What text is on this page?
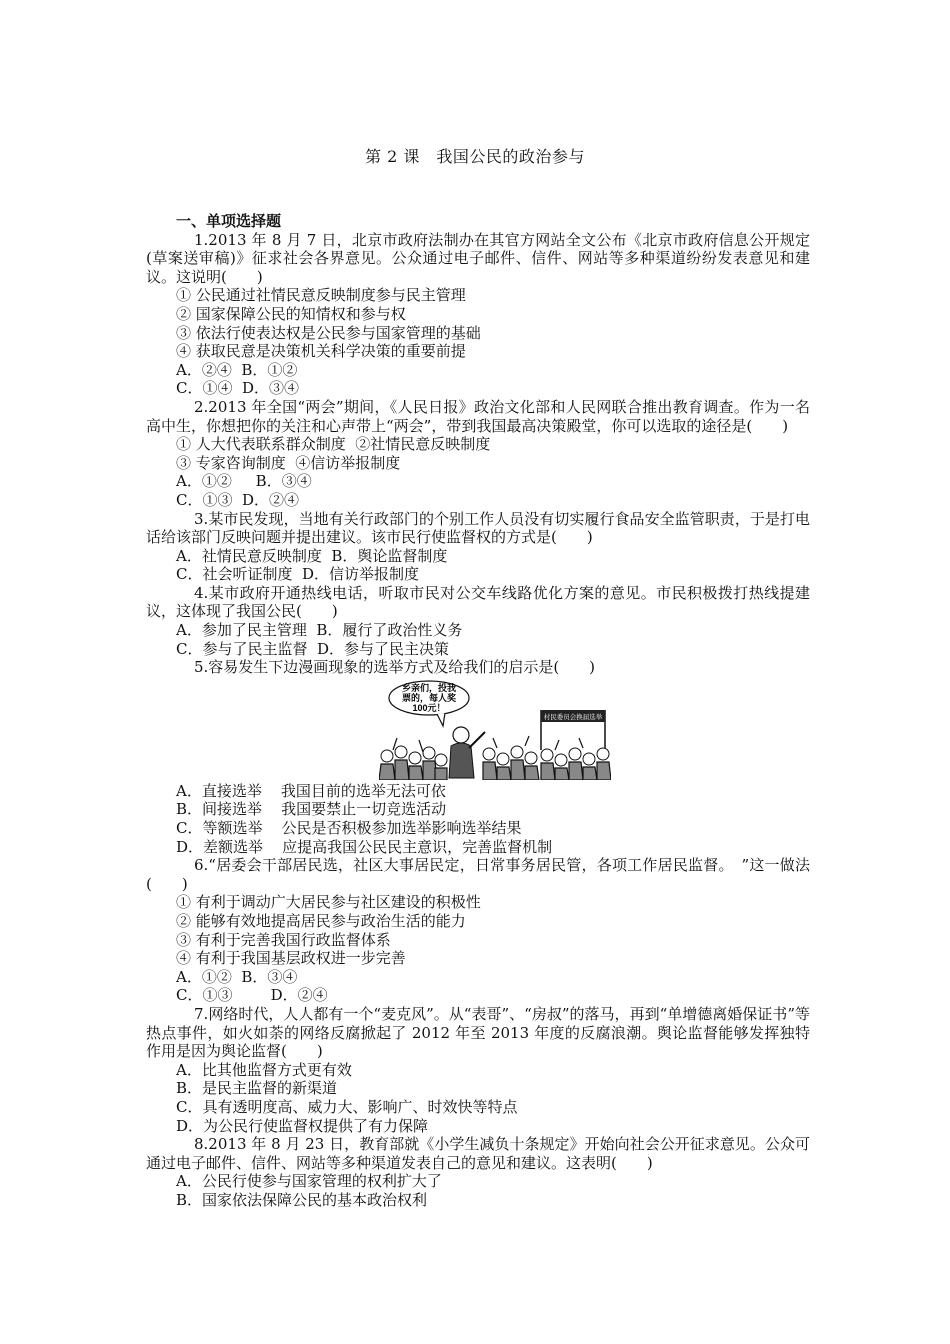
第 2 课　我国公民的政治参与
一、单项选择题
1.2013 年 8 月 7 日，北京市政府法制办在其官方网站全文公布《北京市政府信息公开规定(草案送审稿)》征求社会各界意见。公众通过电子邮件、信件、网站等多种渠道纷纷发表意见和建议。这说明(　　)
① 公民通过社情民意反映制度参与民主管理
② 国家保障公民的知情权和参与权
③ 依法行使表达权是公民参与国家管理的基础
④ 获取民意是决策机关科学决策的重要前提
A．②④  B．①②
C．①④  D．③④
2.2013 年全国“两会”期间，《人民日报》政治文化部和人民网联合推出教育调查。作为一名高中生，你想把你的关注和心声带上“两会”，带到我国最高决策殿堂，你可以选取的途径是(　　)
① 人大代表联系群众制度  ②社情民意反映制度
③ 专家咨询制度  ④信访举报制度
A．①②     B．③④
C．①③  D．②④
3.某市民发现，当地有关行政部门的个别工作人员没有切实履行食品安全监管职责，于是打电话给该部门反映问题并提出建议。该市民行使监督权的方式是(　　)
A．社情民意反映制度  B．舆论监督制度
C．社会听证制度  D．信访举报制度
4.某市政府开通热线电话，听取市民对公交车线路优化方案的意见。市民积极拨打热线提建议，这体现了我国公民(　　)
A．参加了民主管理  B．履行了政治性义务
C．参与了民主监督  D．参与了民主决策
5.容易发生下边漫画现象的选举方式及给我们的启示是(　　)
乡亲们，投我
票的，每人奖
100元！
村民委员会换届选举
A．直接选举    我国目前的选举无法可依
B．间接选举    我国要禁止一切竞选活动
C．等额选举    公民是否积极参加选举影响选举结果
D．差额选举    应提高我国公民民主意识，完善监督机制
6.“居委会干部居民选，社区大事居民定，日常事务居民管，各项工作居民监督。　”这一做法(　　)
① 有利于调动广大居民参与社区建设的积极性
② 能够有效地提高居民参与政治生活的能力
③ 有利于完善我国行政监督体系
④ 有利于我国基层政权进一步完善
A．①②  B．③④
C．①③        D．②④
7.网络时代，人人都有一个“麦克风”。从“表哥”、“房叔”的落马，再到“单增德离婚保证书”等热点事件，如火如荼的网络反腐掀起了 2012 年至 2013 年度的反腐浪潮。舆论监督能够发挥独特作用是因为舆论监督(　　)
A．比其他监督方式更有效
B．是民主监督的新渠道
C．具有透明度高、威力大、影响广、时效快等特点
D．为公民行使监督权提供了有力保障
8.2013 年 8 月 23 日，教育部就《小学生减负十条规定》开始向社会公开征求意见。公众可通过电子邮件、信件、网站等多种渠道发表自己的意见和建议。这表明(　　)
A．公民行使参与国家管理的权利扩大了
B．国家依法保障公民的基本政治权利
